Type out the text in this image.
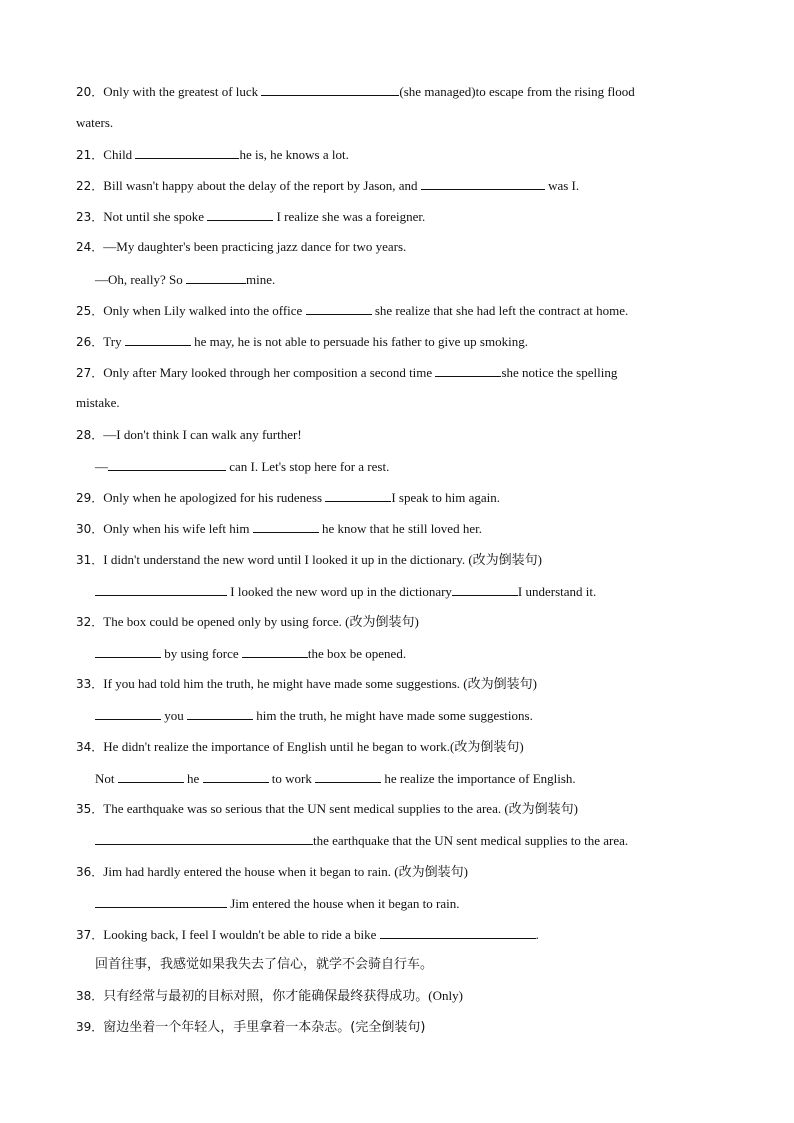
20．Only with the greatest of luck	(she managed)to escape from the rising flood
waters.
21．Child	he is, he knows a lot.
22．Bill wasn't happy about the delay of the report by Jason, and	was I.
23．Not until she spoke	I realize she was a foreigner.
24．—My daughter's been practicing jazz dance for two years.
—Oh, really? So	mine.
25．Only when Lily walked into the office	she realize that she had left the contract at home.
26．Try	he may, he is not able to persuade his father to give up smoking.
27．Only after Mary looked through her composition a second time	she notice the spelling
mistake.
28．—I don't think I can walk any further!
—	can I. Let's stop here for a rest.
29．Only when he apologized for his rudeness	I speak to him again.
30．Only when his wife left him	he know that he still loved her.
31．I didn't understand the new word until I looked it up in the dictionary. (改为倒装句)
I looked the new word up in the dictionary	I understand it.
32．The box could be opened only by using force. (改为倒装句)
by using force	the box be opened.
33．If you had told him the truth, he might have made some suggestions. (改为倒装句)
you	him the truth, he might have made some suggestions.
34．He didn't realize the importance of English until he began to work.(改为倒装句)
Not	he	to work	he realize the importance of English.
35．The earthquake was so serious that the UN sent medical supplies to the area. (改为倒装句)
the earthquake that the UN sent medical supplies to the area.
36．Jim had hardly entered the house when it began to rain. (改为倒装句)
Jim entered the house when it began to rain.
37．Looking back, I feel I wouldn't be able to ride a bike	.
回首往事，我感觉如果我失去了信心，就学不会骑自行车。
38．只有经常与最初的目标对照，你才能确保最终获得成功。(Only)
39．窗边坐着一个年轻人，手里拿着一本杂志。(完全倒装句)
